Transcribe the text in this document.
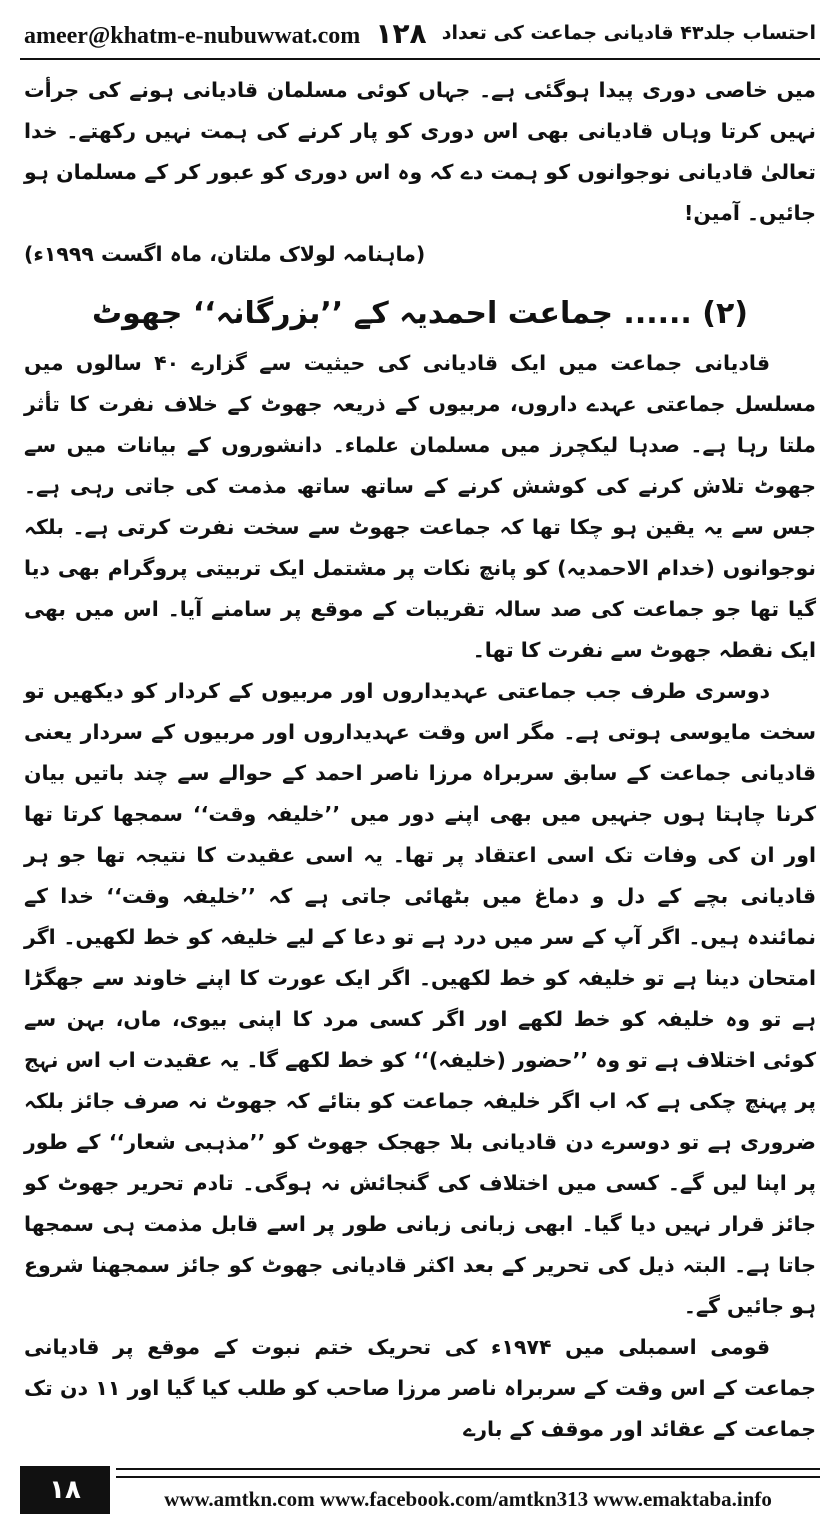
ameer@khatm-e-nubuwwat.com ۱۲۸ احتساب جلد۴۳ قادیانی جماعت کی تعداد

میں خاصی دوری پیدا ہوگئی ہے۔ جہاں کوئی مسلمان قادیانی ہونے کی جرأت نہیں کرتا وہاں قادیانی بھی اس دوری کو پار کرنے کی ہمت نہیں رکھتے۔ خدا تعالیٰ قادیانی نوجوانوں کو ہمت دے کہ وہ اس دوری کو عبور کر کے مسلمان ہو جائیں۔ آمین!

(ماہنامہ لولاک ملتان، ماہ اگست ۱۹۹۹ء)
(۲) ...... جماعت احمدیہ کے ’’بزرگانہ‘‘ جھوٹ

قادیانی جماعت میں ایک قادیانی کی حیثیت سے گزارے ۴۰ سالوں میں مسلسل جماعتی عہدے داروں، مربیوں کے ذریعہ جھوٹ کے خلاف نفرت کا تأثر ملتا رہا ہے۔ صدہا لیکچرز میں مسلمان علماء۔ دانشوروں کے بیانات میں سے جھوٹ تلاش کرنے کی کوشش کرنے کے ساتھ ساتھ مذمت کی جاتی رہی ہے۔ جس سے یہ یقین ہو چکا تھا کہ جماعت جھوٹ سے سخت نفرت کرتی ہے۔ بلکہ نوجوانوں (خدام الاحمدیہ) کو پانچ نکات پر مشتمل ایک تربیتی پروگرام بھی دیا گیا تھا جو جماعت کی صد سالہ تقریبات کے موقع پر سامنے آیا۔ اس میں بھی ایک نقطہ جھوٹ سے نفرت کا تھا۔

دوسری طرف جب جماعتی عہدیداروں اور مربیوں کے کردار کو دیکھیں تو سخت مایوسی ہوتی ہے۔ مگر اس وقت عہدیداروں اور مربیوں کے سردار یعنی قادیانی جماعت کے سابق سربراہ مرزا ناصر احمد کے حوالے سے چند باتیں بیان کرنا چاہتا ہوں جنہیں میں بھی اپنے دور میں ’’خلیفہ وقت‘‘ سمجھا کرتا تھا اور ان کی وفات تک اسی اعتقاد پر تھا۔ یہ اسی عقیدت کا نتیجہ تھا جو ہر قادیانی بچے کے دل و دماغ میں بٹھائی جاتی ہے کہ ’’خلیفہ وقت‘‘ خدا کے نمائندہ ہیں۔ اگر آپ کے سر میں درد ہے تو دعا کے لیے خلیفہ کو خط لکھیں۔ اگر امتحان دینا ہے تو خلیفہ کو خط لکھیں۔ اگر ایک عورت کا اپنے خاوند سے جھگڑا ہے تو وہ خلیفہ کو خط لکھے اور اگر کسی مرد کا اپنی بیوی، ماں، بہن سے کوئی اختلاف ہے تو وہ ’’حضور (خلیفہ)‘‘ کو خط لکھے گا۔ یہ عقیدت اب اس نہج پر پہنچ چکی ہے کہ اب اگر خلیفہ جماعت کو بتائے کہ جھوٹ نہ صرف جائز بلکہ ضروری ہے تو دوسرے دن قادیانی بلا جھجک جھوٹ کو ’’مذہبی شعار‘‘ کے طور پر اپنا لیں گے۔ کسی میں اختلاف کی گنجائش نہ ہوگی۔ تادم تحریر جھوٹ کو جائز قرار نہیں دیا گیا۔ ابھی زبانی زبانی طور پر اسے قابل مذمت ہی سمجھا جاتا ہے۔ البتہ ذیل کی تحریر کے بعد اکثر قادیانی جھوٹ کو جائز سمجھنا شروع ہو جائیں گے۔

قومی اسمبلی میں ۱۹۷۴ء کی تحریک ختم نبوت کے موقع پر قادیانی جماعت کے اس وقت کے سربراہ ناصر مرزا صاحب کو طلب کیا گیا اور ۱۱ دن تک جماعت کے عقائد اور موقف کے بارے

۱۸	www.amtkn.com www.facebook.com/amtkn313 www.emaktaba.info
